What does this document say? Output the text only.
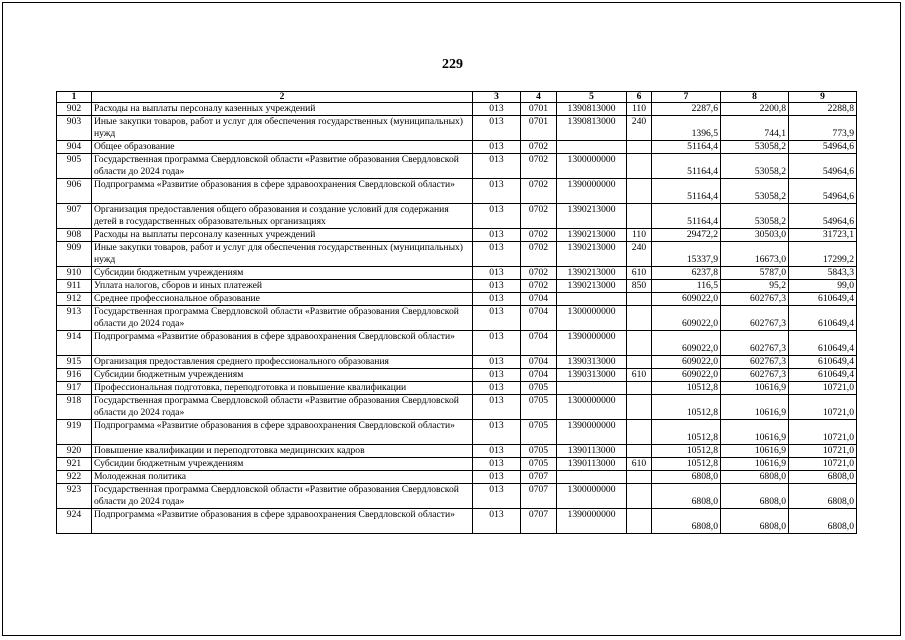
229
1	2	3	4	5	6	7	8	9
902	Расходы на выплаты персоналу казенных учреждений	013	0701	1390813000	110	2287,6	2200,8	2288,8
903	Иные закупки товаров, работ и услуг для обеспечения государственных (муниципальных) нужд	013	0701	1390813000	240	1396,5	744,1	773,9
904	Общее образование	013	0702			51164,4	53058,2	54964,6
905	Государственная программа Свердловской области «Развитие образования Свердловской области до 2024 года»	013	0702	1300000000		51164,4	53058,2	54964,6
906	Подпрограмма «Развитие образования в сфере здравоохранения Свердловской области»	013	0702	1390000000		51164,4	53058,2	54964,6
907	Организация предоставления общего образования и создание условий для содержания детей в государственных образовательных организациях	013	0702	1390213000		51164,4	53058,2	54964,6
908	Расходы на выплаты персоналу казенных учреждений	013	0702	1390213000	110	29472,2	30503,0	31723,1
909	Иные закупки товаров, работ и услуг для обеспечения государственных (муниципальных) нужд	013	0702	1390213000	240	15337,9	16673,0	17299,2
910	Субсидии бюджетным учреждениям	013	0702	1390213000	610	6237,8	5787,0	5843,3
911	Уплата налогов, сборов и иных платежей	013	0702	1390213000	850	116,5	95,2	99,0
912	Среднее профессиональное образование	013	0704			609022,0	602767,3	610649,4
913	Государственная программа Свердловской области «Развитие образования Свердловской области до 2024 года»	013	0704	1300000000		609022,0	602767,3	610649,4
914	Подпрограмма «Развитие образования в сфере здравоохранения Свердловской области»	013	0704	1390000000		609022,0	602767,3	610649,4
915	Организация предоставления среднего профессионального образования	013	0704	1390313000		609022,0	602767,3	610649,4
916	Субсидии бюджетным учреждениям	013	0704	1390313000	610	609022,0	602767,3	610649,4
917	Профессиональная подготовка, переподготовка и повышение квалификации	013	0705			10512,8	10616,9	10721,0
918	Государственная программа Свердловской области «Развитие образования Свердловской области до 2024 года»	013	0705	1300000000		10512,8	10616,9	10721,0
919	Подпрограмма «Развитие образования в сфере здравоохранения Свердловской области»	013	0705	1390000000		10512,8	10616,9	10721,0
920	Повышение квалификации и переподготовка медицинских кадров	013	0705	1390113000		10512,8	10616,9	10721,0
921	Субсидии бюджетным учреждениям	013	0705	1390113000	610	10512,8	10616,9	10721,0
922	Молодежная политика	013	0707			6808,0	6808,0	6808,0
923	Государственная программа Свердловской области «Развитие образования Свердловской области до 2024 года»	013	0707	1300000000		6808,0	6808,0	6808,0
924	Подпрограмма «Развитие образования в сфере здравоохранения Свердловской области»	013	0707	1390000000		6808,0	6808,0	6808,0
